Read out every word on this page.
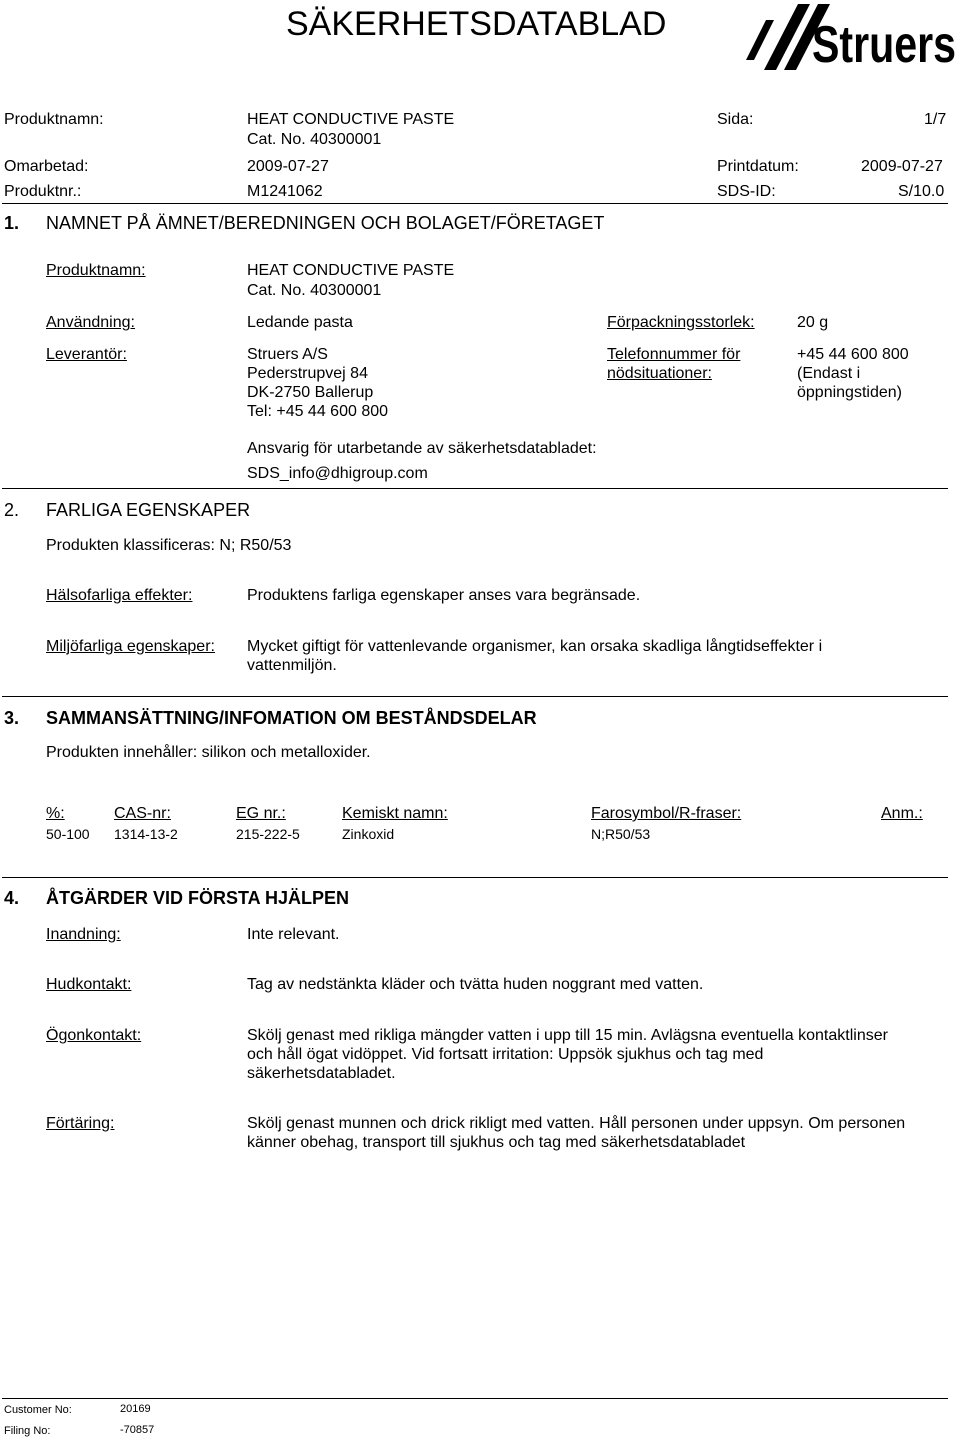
SÄKERHETSDATABLAD	Struers
Produktnamn:	HEAT CONDUCTIVE PASTE
Cat. No. 40300001
Sida:	1/7
Omarbetad:	2009-07-27	Printdatum:	2009-07-27
Produktnr.:	M1241062	SDS-ID:	S/10.0
1. NAMNET PÅ ÄMNET/BEREDNINGEN OCH BOLAGET/FÖRETAGET
Produktnamn:	HEAT CONDUCTIVE PASTE
Cat. No. 40300001
Användning:	Ledande pasta	Förpackningsstorlek:	20 g
Leverantör:	Struers A/S
Pederstrupvej 84
DK-2750 Ballerup
Tel: +45 44 600 800
Telefonnummer för
nödsituationer:
+45 44 600 800
(Endast i
öppningstiden)
Ansvarig för utarbetande av säkerhetsdatabladet:
SDS_info@dhigroup.com
2. FARLIGA EGENSKAPER
Produkten klassificeras: N; R50/53
Hälsofarliga effekter:	Produktens farliga egenskaper anses vara begränsade.
Miljöfarliga egenskaper: Mycket giftigt för vattenlevande organismer, kan orsaka skadliga långtidseffekter i
vattenmiljön.
3. SAMMANSÄTTNING/INFOMATION OM BESTÅNDSDELAR
Produkten innehåller: silikon och metalloxider.
%:	CAS-nr:	EG nr.:	Kemiskt namn:	Farosymbol/R-fraser:	Anm.:
50-100 1314-13-2	215-222-5	Zinkoxid	N;R50/53
4. ÅTGÄRDER VID FÖRSTA HJÄLPEN
Inandning:	Inte relevant.
Hudkontakt:	Tag av nedstänkta kläder och tvätta huden noggrant med vatten.
Ögonkontakt:	Skölj genast med rikliga mängder vatten i upp till 15 min. Avlägsna eventuella kontaktlinser
och håll ögat vidöppet. Vid fortsatt irritation: Uppsök sjukhus och tag med
säkerhetsdatabladet.
Förtäring:	Skölj genast munnen och drick rikligt med vatten. Håll personen under uppsyn. Om personen
känner obehag, transport till sjukhus och tag med säkerhetsdatabladet
Customer No:	20169
Filing No:	-70857
